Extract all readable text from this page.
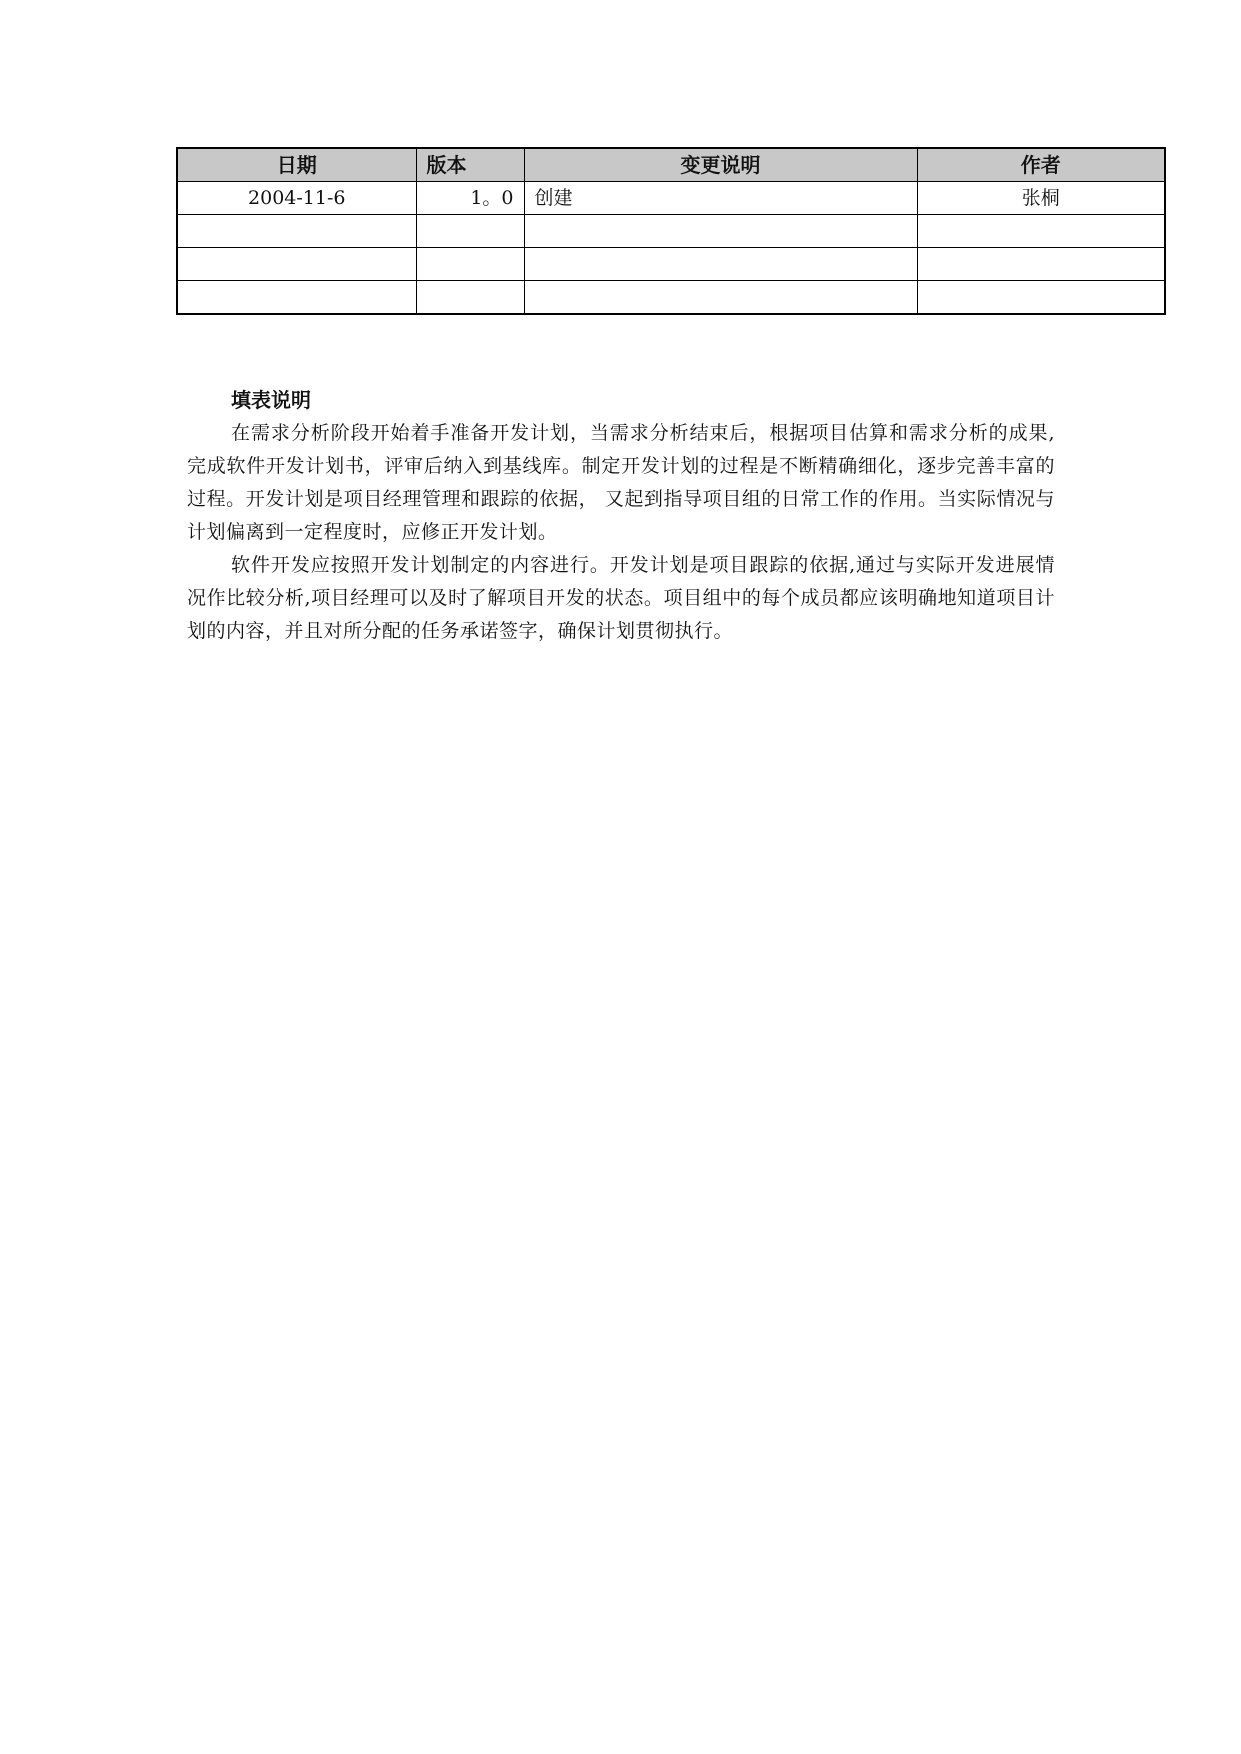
日期	版本	变更说明	作者
2004-11-6	1。0	创建	张桐

填表说明

在需求分析阶段开始着手准备开发计划，当需求分析结束后，根据项目估算和需求分析的成果,完成软件开发计划书，评审后纳入到基线库。制定开发计划的过程是不断精确细化，逐步完善丰富的过程。开发计划是项目经理管理和跟踪的依据， 又起到指导项目组的日常工作的作用。当实际情况与计划偏离到一定程度时，应修正开发计划。

软件开发应按照开发计划制定的内容进行。开发计划是项目跟踪的依据,通过与实际开发进展情况作比较分析,项目经理可以及时了解项目开发的状态。项目组中的每个成员都应该明确地知道项目计划的内容，并且对所分配的任务承诺签字，确保计划贯彻执行。
